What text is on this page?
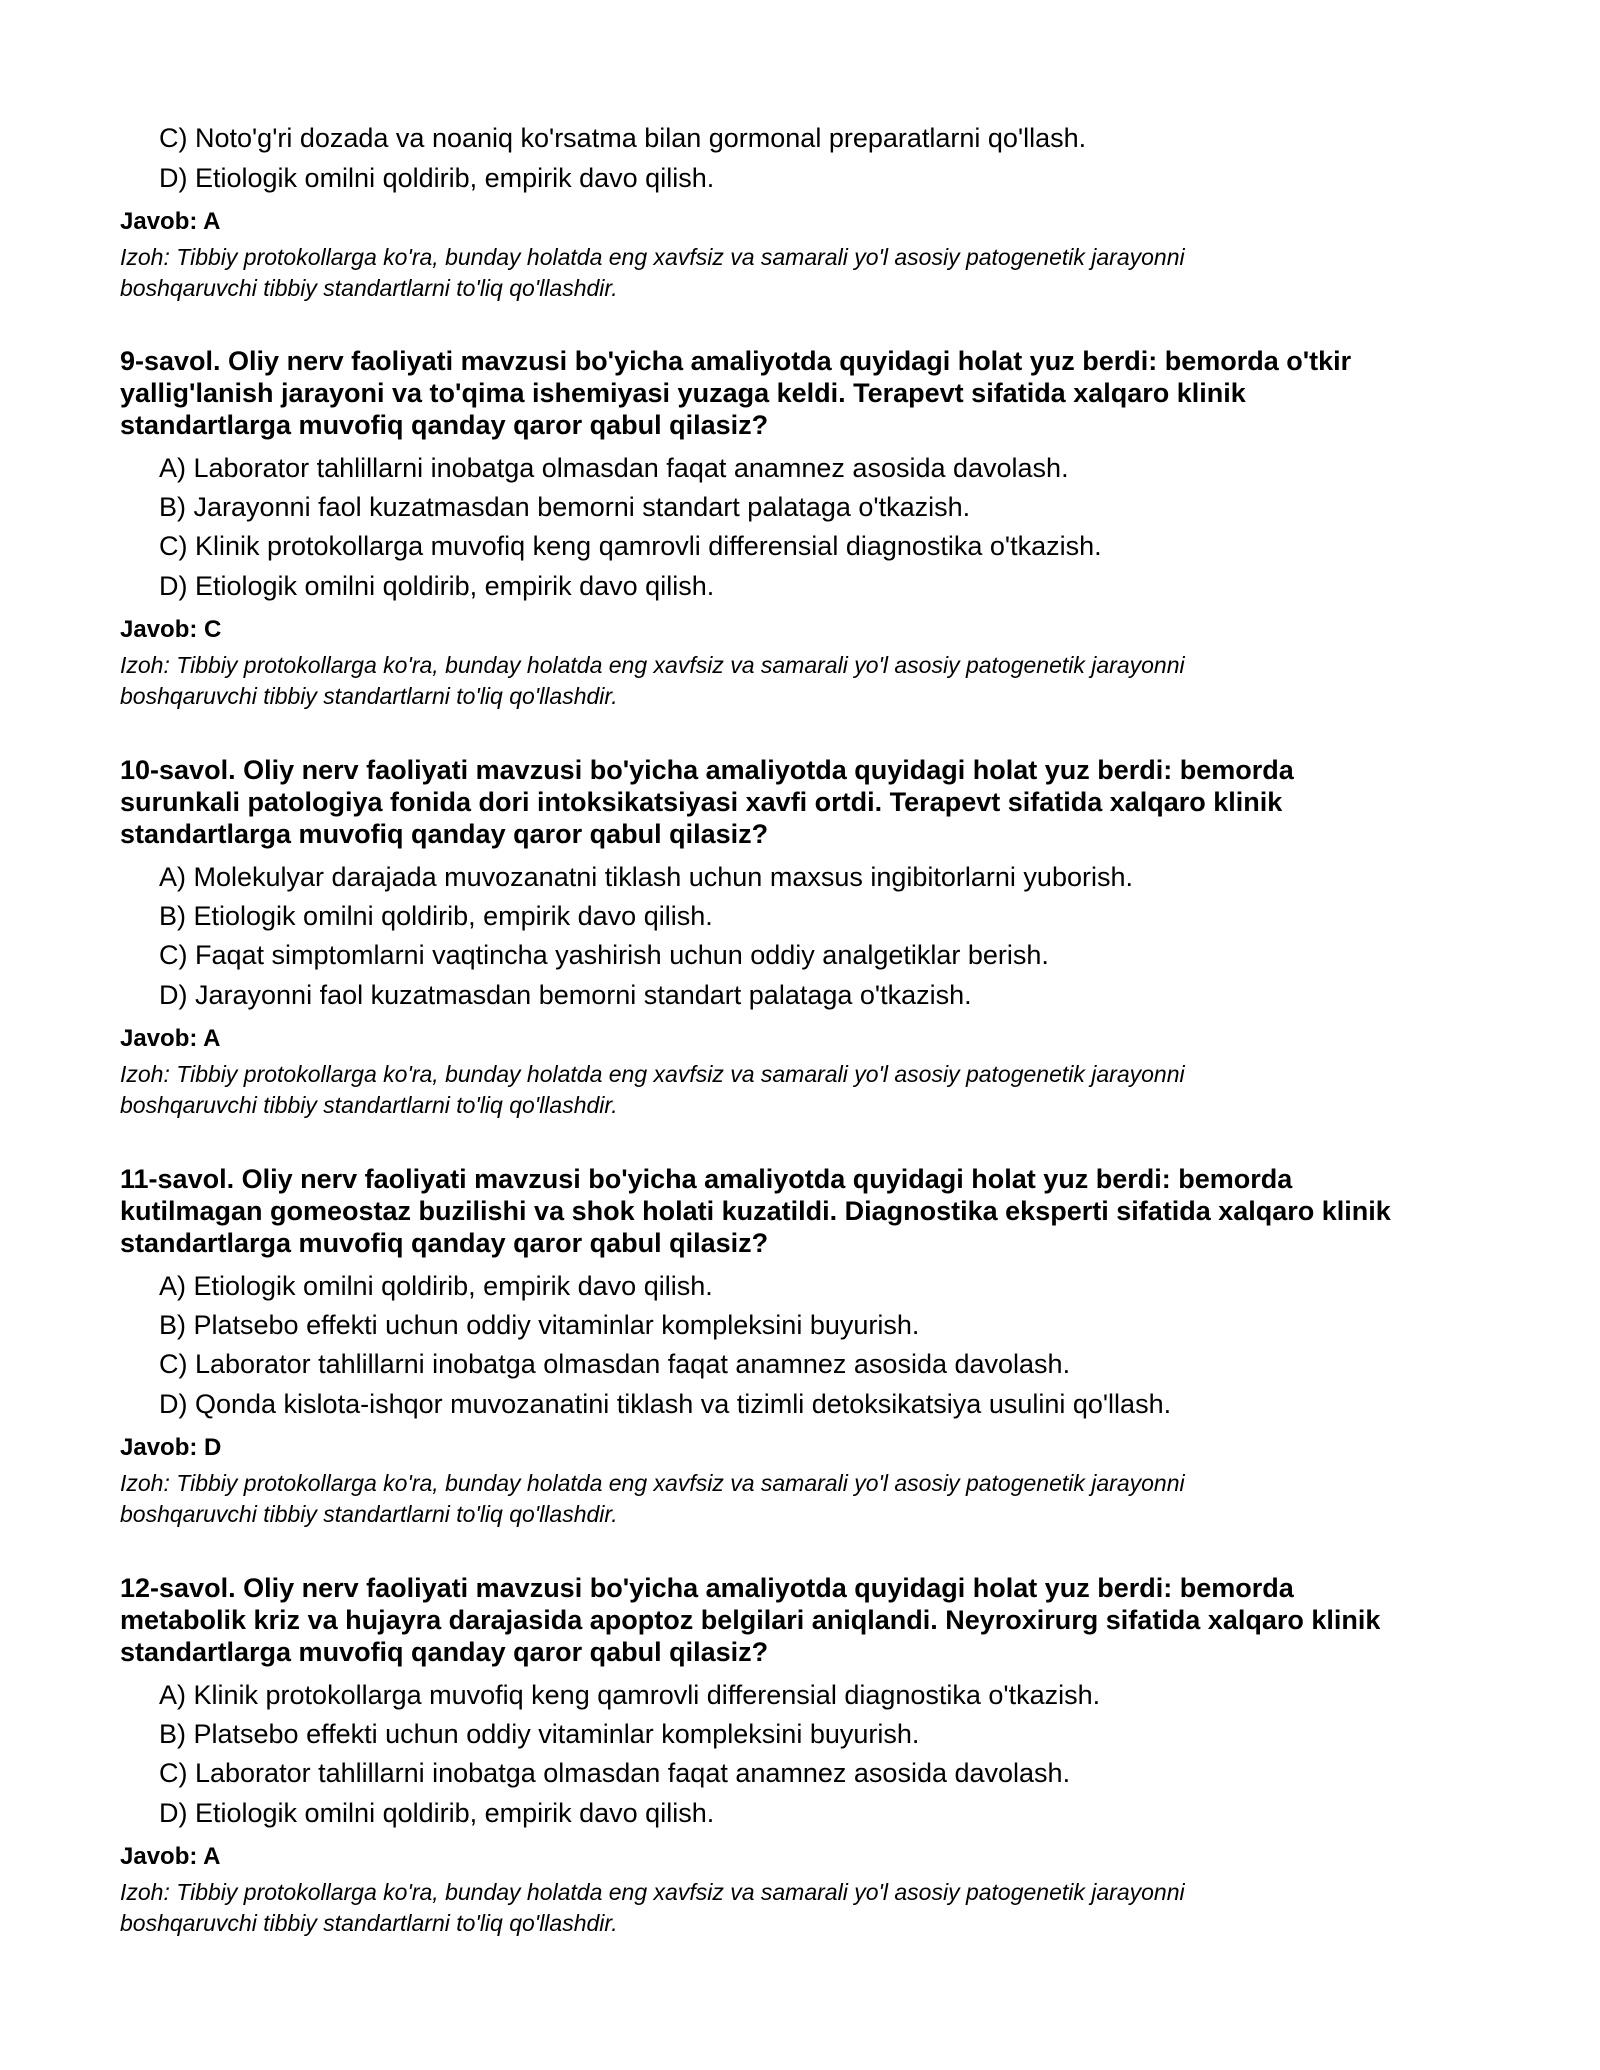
C) Noto'g'ri dozada va noaniq ko'rsatma bilan gormonal preparatlarni qo'llash.
D) Etiologik omilni qoldirib, empirik davo qilish.
Javob: A
Izoh: Tibbiy protokollarga ko'ra, bunday holatda eng xavfsiz va samarali yo'l asosiy patogenetik jarayonni
boshqaruvchi tibbiy standartlarni to'liq qo'llashdir.
9-savol. Oliy nerv faoliyati mavzusi bo'yicha amaliyotda quyidagi holat yuz berdi: bemorda o'tkir
yallig'lanish jarayoni va to'qima ishemiyasi yuzaga keldi. Terapevt sifatida xalqaro klinik
standartlarga muvofiq qanday qaror qabul qilasiz?
A) Laborator tahlillarni inobatga olmasdan faqat anamnez asosida davolash.
B) Jarayonni faol kuzatmasdan bemorni standart palataga o'tkazish.
C) Klinik protokollarga muvofiq keng qamrovli differensial diagnostika o'tkazish.
D) Etiologik omilni qoldirib, empirik davo qilish.
Javob: C
Izoh: Tibbiy protokollarga ko'ra, bunday holatda eng xavfsiz va samarali yo'l asosiy patogenetik jarayonni
boshqaruvchi tibbiy standartlarni to'liq qo'llashdir.
10-savol. Oliy nerv faoliyati mavzusi bo'yicha amaliyotda quyidagi holat yuz berdi: bemorda
surunkali patologiya fonida dori intoksikatsiyasi xavfi ortdi. Terapevt sifatida xalqaro klinik
standartlarga muvofiq qanday qaror qabul qilasiz?
A) Molekulyar darajada muvozanatni tiklash uchun maxsus ingibitorlarni yuborish.
B) Etiologik omilni qoldirib, empirik davo qilish.
C) Faqat simptomlarni vaqtincha yashirish uchun oddiy analgetiklar berish.
D) Jarayonni faol kuzatmasdan bemorni standart palataga o'tkazish.
Javob: A
Izoh: Tibbiy protokollarga ko'ra, bunday holatda eng xavfsiz va samarali yo'l asosiy patogenetik jarayonni
boshqaruvchi tibbiy standartlarni to'liq qo'llashdir.
11-savol. Oliy nerv faoliyati mavzusi bo'yicha amaliyotda quyidagi holat yuz berdi: bemorda
kutilmagan gomeostaz buzilishi va shok holati kuzatildi. Diagnostika eksperti sifatida xalqaro klinik
standartlarga muvofiq qanday qaror qabul qilasiz?
A) Etiologik omilni qoldirib, empirik davo qilish.
B) Platsebo effekti uchun oddiy vitaminlar kompleksini buyurish.
C) Laborator tahlillarni inobatga olmasdan faqat anamnez asosida davolash.
D) Qonda kislota-ishqor muvozanatini tiklash va tizimli detoksikatsiya usulini qo'llash.
Javob: D
Izoh: Tibbiy protokollarga ko'ra, bunday holatda eng xavfsiz va samarali yo'l asosiy patogenetik jarayonni
boshqaruvchi tibbiy standartlarni to'liq qo'llashdir.
12-savol. Oliy nerv faoliyati mavzusi bo'yicha amaliyotda quyidagi holat yuz berdi: bemorda
metabolik kriz va hujayra darajasida apoptoz belgilari aniqlandi. Neyroxirurg sifatida xalqaro klinik
standartlarga muvofiq qanday qaror qabul qilasiz?
A) Klinik protokollarga muvofiq keng qamrovli differensial diagnostika o'tkazish.
B) Platsebo effekti uchun oddiy vitaminlar kompleksini buyurish.
C) Laborator tahlillarni inobatga olmasdan faqat anamnez asosida davolash.
D) Etiologik omilni qoldirib, empirik davo qilish.
Javob: A
Izoh: Tibbiy protokollarga ko'ra, bunday holatda eng xavfsiz va samarali yo'l asosiy patogenetik jarayonni
boshqaruvchi tibbiy standartlarni to'liq qo'llashdir.
